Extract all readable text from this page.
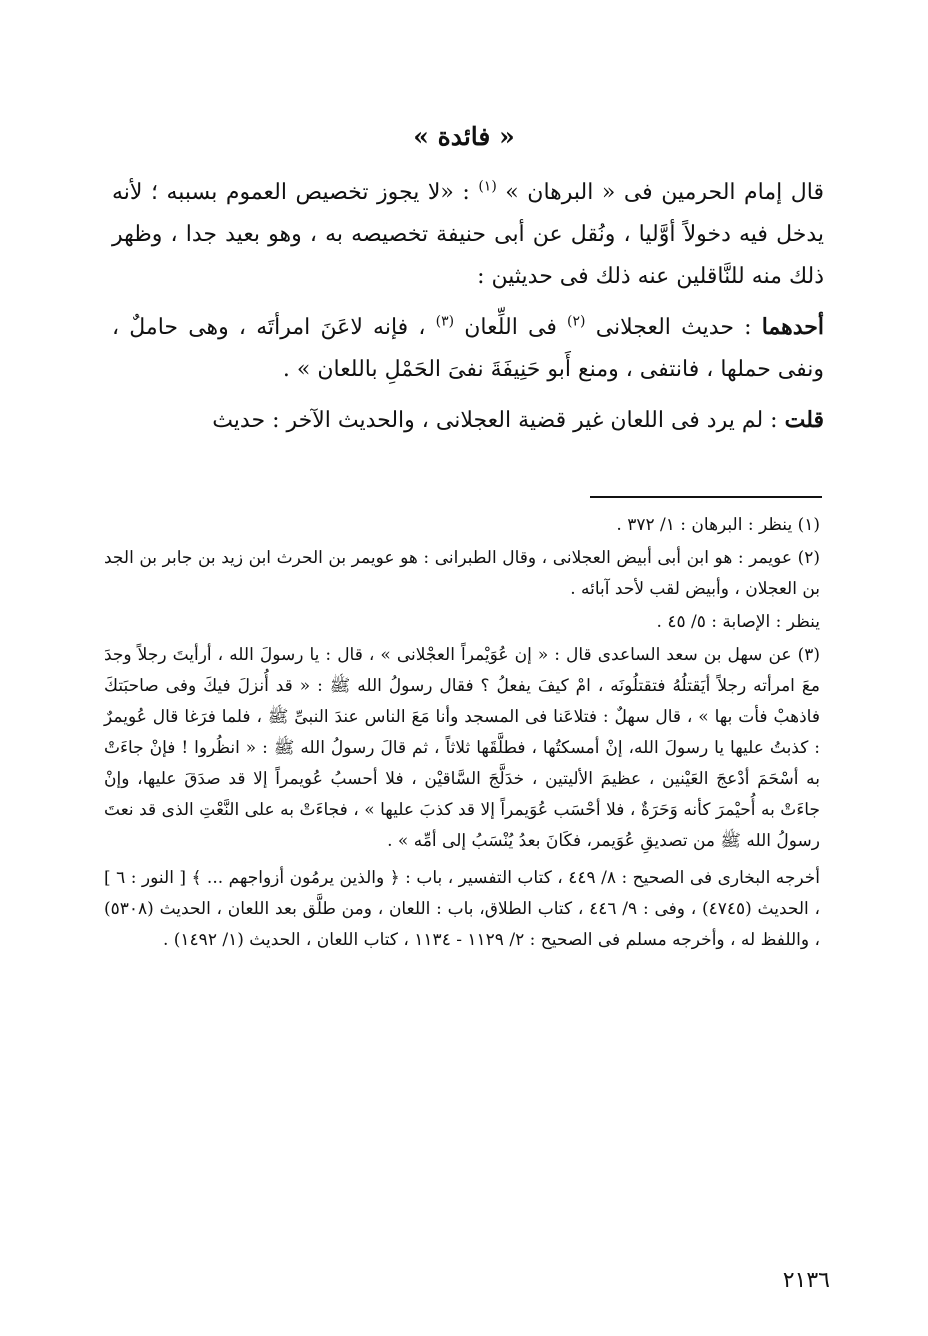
« فائدة »

قال إمام الحرمين فى « البرهان » $^{(١)}$ : «لا يجوز تخصيص العموم بسببه ؛ لأنه يدخل فيه دخولاً أوَّليا ، ونُقل عن أبى حنيفة تخصيصه به ، وهو بعيد جدا ، وظهر ذلك منه للنَّاقلين عنه ذلك فى حديثين :

أحدهما : حديث العجلانى $^{(٢)}$ فى اللِّعان $^{(٣)}$ ، فإنه لاعَنَ امرأتَه ، وهى حاملٌ ، ونفى حملها ، فانتفى ، ومنع أَبو حَنِيفَةَ نفىَ الحَمْلِ باللعان » .

قلت : لم يرد فى اللعان غير قضية العجلانى ، والحديث الآخر : حديث

(١) ينظر : البرهان : ١/ ٣٧٢ .

(٢) عويمر : هو ابن أبى أبيض العجلانى ، وقال الطبرانى : هو عويمر بن الحرث ابن زيد بن جابر بن الجد بن العجلان ، وأبيض لقب لأحد آبائه .

ينظر : الإصابة : ٥/ ٤٥ .

(٣) عن سهل بن سعد الساعدى قال : « إن عُوَيْمراً العجْلانى » ، قال : يا رسولَ الله ، أرأيتَ رجلاً وجدَ معَ امرأته رجلاً أيَقتلُهُ فتقتلُونَه ، امْ كيفَ يفعلُ ؟ فقال رسولُ الله ﷺ : « قد أُنزلَ فيكَ وفى صاحبَتكَ فاذهبْ فأت بها » ، قال سهلٌ : فتلاعَنا فى المسجد وأنا مَعَ الناس عندَ النبىِّ ﷺ ، فلما فرَغا قال عُويمرٌ : كذبتُ عليها يا رسولَ الله، إنْ أمسكتُها ، فطلَّقَها ثلاثاً ، ثم قالَ رسولُ الله ﷺ : « انظُروا ! فإنْ جاءَتْ به أسْحَمَ أدْعجَ العَيْنين ، عظيمَ الأليتين ، خدَلَّجَ السَّاقيْن ، فلا أحسبُ عُويمراً إلا قد صدَقَ عليها، وإنْ جاءَتْ به أُحيْمرَ كأنه وَحَرَةٌ ، فلا أحْسَب عُوَيمراً إلا قد كذبَ عليها » ، فجاءَتْ به على النَّعْتِ الذى قد نعتَ رسولُ الله ﷺ من تصديقِ عُوَيمر، فكَانَ بعدُ يُنْسَبُ إلى أمِّه » .

أخرجه البخارى فى الصحيح : ٨/ ٤٤٩ ، كتاب التفسير ، باب : ﴿ والذين يرمُون أزواجهم ... ﴾ [ النور : ٦ ] ، الحديث (٤٧٤٥) ، وفى : ٩/ ٤٤٦ ، كتاب الطلاق، باب : اللعان ، ومن طلَّق بعد اللعان ، الحديث (٥٣٠٨) ، واللفظ له ، وأخرجه مسلم فى الصحيح : ٢/ ١١٢٩ - ١١٣٤ ، كتاب اللعان ، الحديث (١/ ١٤٩٢) .

٢١٣٦
